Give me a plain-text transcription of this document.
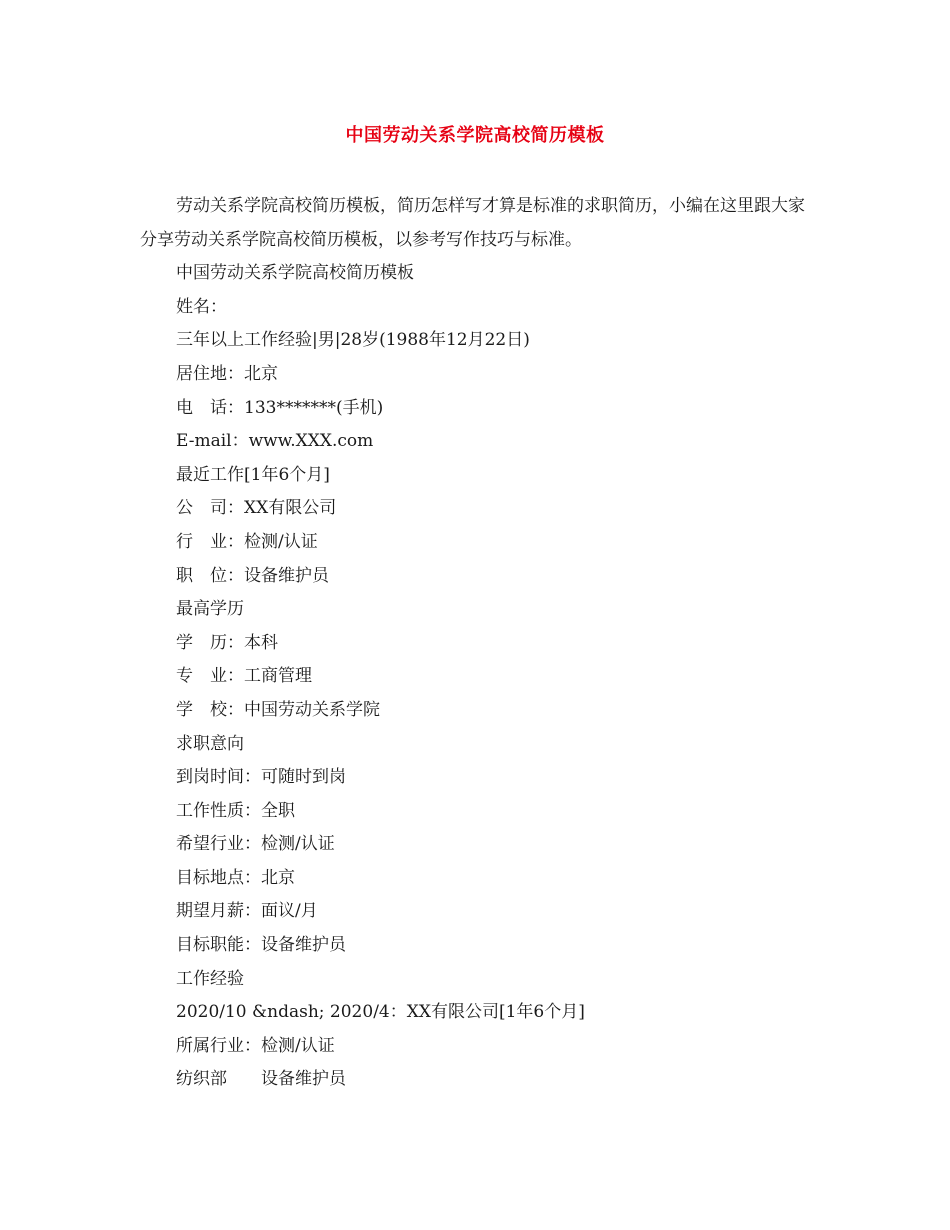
中国劳动关系学院高校简历模板

劳动关系学院高校简历模板，简历怎样写才算是标准的求职简历，小编在这里跟大家分享劳动关系学院高校简历模板，以参考写作技巧与标准。

中国劳动关系学院高校简历模板

姓名：

三年以上工作经验|男|28岁(1988年12月22日)

居住地：北京

电　话：133*******(手机)

E-mail：www.XXX.com

最近工作[1年6个月]

公　司：XX有限公司

行　业：检测/认证

职　位：设备维护员

最高学历

学　历：本科

专　业：工商管理

学　校：中国劳动关系学院

求职意向

到岗时间：可随时到岗

工作性质：全职

希望行业：检测/认证

目标地点：北京

期望月薪：面议/月

目标职能：设备维护员

工作经验

2020/10 &ndash; 2020/4：XX有限公司[1年6个月]

所属行业：检测/认证

纺织部　　设备维护员
